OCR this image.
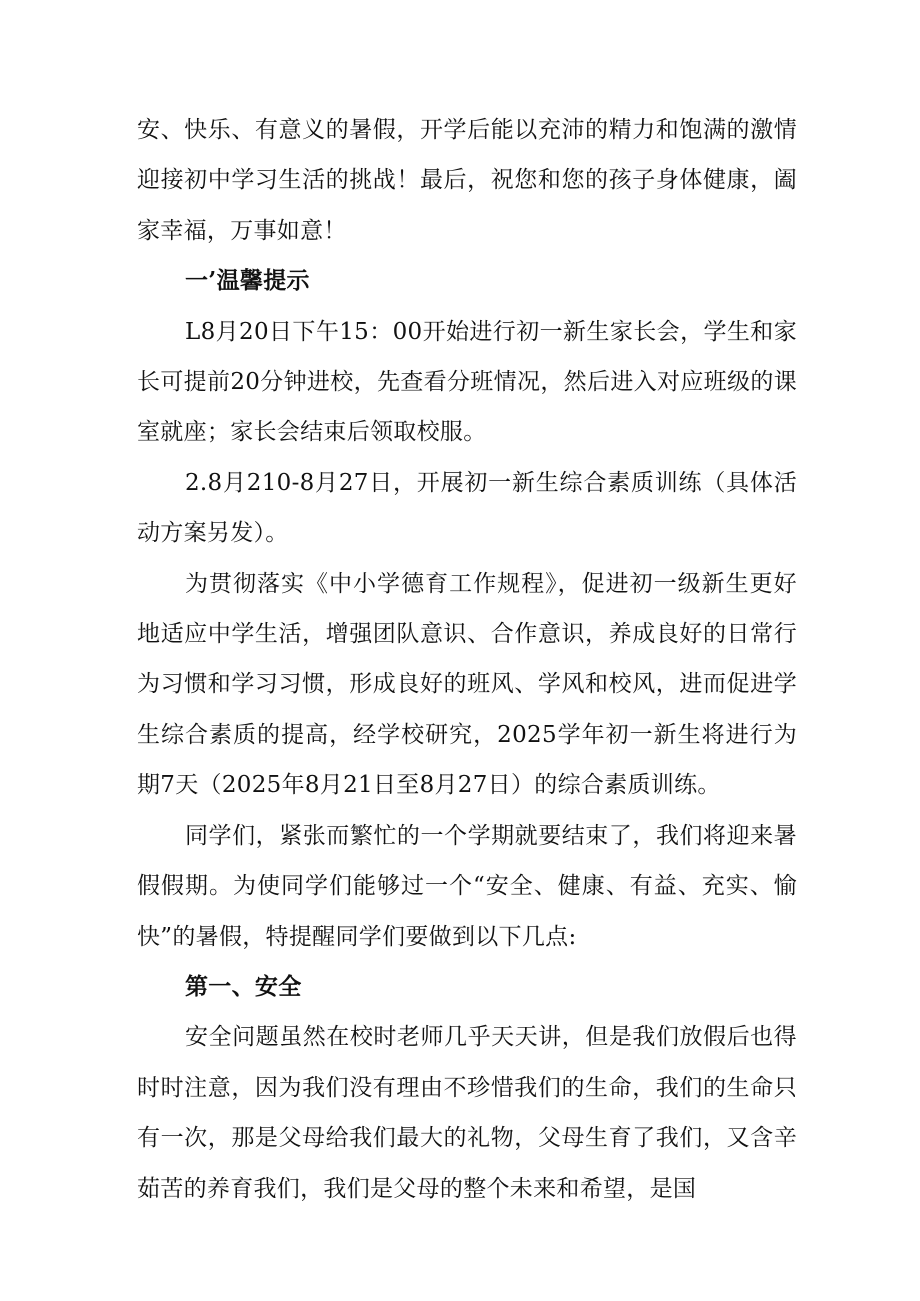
安、快乐、有意义的暑假，开学后能以充沛的精力和饱满的激情迎接初中学习生活的挑战！最后，祝您和您的孩子身体健康，阖家幸福，万事如意！

一’温馨提示

L8月20日下午15：00开始进行初一新生家长会，学生和家长可提前20分钟进校，先查看分班情况，然后进入对应班级的课室就座；家长会结束后领取校服。

2.8月210-8月27日，开展初一新生综合素质训练（具体活动方案另发）。

为贯彻落实《中小学德育工作规程》，促进初一级新生更好地适应中学生活，增强团队意识、合作意识，养成良好的日常行为习惯和学习习惯，形成良好的班风、学风和校风，进而促进学生综合素质的提高，经学校研究，2025学年初一新生将进行为期7天（2025年8月21日至8月27日）的综合素质训练。

同学们，紧张而繁忙的一个学期就要结束了，我们将迎来暑假假期。为使同学们能够过一个“安全、健康、有益、充实、愉快”的暑假，特提醒同学们要做到以下几点:

第一、安全

安全问题虽然在校时老师几乎天天讲，但是我们放假后也得时时注意，因为我们没有理由不珍惜我们的生命，我们的生命只有一次，那是父母给我们最大的礼物，父母生育了我们，又含辛茹苦的养育我们，我们是父母的整个未来和希望，是国
